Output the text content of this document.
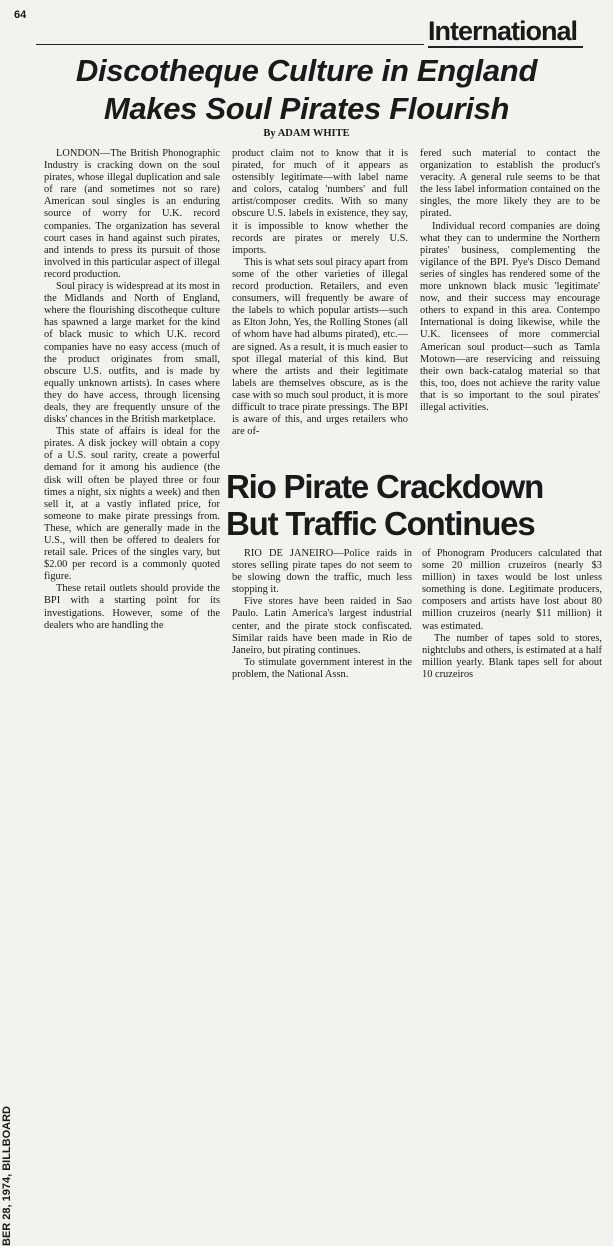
64
International
Discotheque Culture in England
Makes Soul Pirates Flourish
By ADAM WHITE

LONDON—The British Phonographic Industry is cracking down on the soul pirates, whose illegal duplication and sale of rare (and sometimes not so rare) American soul singles is an enduring source of worry for U.K. record companies. The organization has several court cases in hand against such pirates, and intends to press its pursuit of those involved in this particular aspect of illegal record production.

Soul piracy is widespread at its most in the Midlands and North of England, where the flourishing discotheque culture has spawned a large market for the kind of black music to which U.K. record companies have no easy access (much of the product originates from small, obscure U.S. outfits, and is made by equally unknown artists). In cases where they do have access, through licensing deals, they are frequently unsure of the disks' chances in the British marketplace.

This state of affairs is ideal for the pirates. A disk jockey will obtain a copy of a U.S. soul rarity, create a powerful demand for it among his audience (the disk will often be played three or four times a night, six nights a week) and then sell it, at a vastly inflated price, for someone to make pirate pressings from. These, which are generally made in the U.S., will then be offered to dealers for retail sale. Prices of the singles vary, but $2.00 per record is a commonly quoted figure.

These retail outlets should provide the BPI with a starting point for its investigations. However, some of the dealers who are handling the

product claim not to know that it is pirated, for much of it appears as ostensibly legitimate—with label name and colors, catalog 'numbers' and full artist/composer credits. With so many obscure U.S. labels in existence, they say, it is impossible to know whether the records are pirates or merely U.S. imports.

This is what sets soul piracy apart from some of the other varieties of illegal record production. Retailers, and even consumers, will frequently be aware of the labels to which popular artists—such as Elton John, Yes, the Rolling Stones (all of whom have had albums pirated), etc.—are signed. As a result, it is much easier to spot illegal material of this kind. But where the artists and their legitimate labels are themselves obscure, as is the case with so much soul product, it is more difficult to trace pirate pressings. The BPI is aware of this, and urges retailers who are of-

fered such material to contact the organization to establish the product's veracity. A general rule seems to be that the less label information contained on the singles, the more likely they are to be pirated.

Individual record companies are doing what they can to undermine the Northern pirates' business, complementing the vigilance of the BPI. Pye's Disco Demand series of singles has rendered some of the more unknown black music 'legitimate' now, and their success may encourage others to expand in this area. Contempo International is doing likewise, while the U.K. licensees of more commercial American soul product—such as Tamla Motown—are reservicing and reissuing their own back-catalog material so that this, too, does not achieve the rarity value that is so important to the soul pirates' illegal activities.

Rio Pirate Crackdown
But Traffic Continues

RIO DE JANEIRO—Police raids in stores selling pirate tapes do not seem to be slowing down the traffic, much less stopping it.

Five stores have been raided in Sao Paulo. Latin America's largest industrial center, and the pirate stock confiscated. Similar raids have been made in Rio de Janeiro, but pirating continues.

To stimulate government interest in the problem, the National Assn.

of Phonogram Producers calculated that some 20 million cruzeiros (nearly $3 million) in taxes would be lost unless something is done. Legitimate producers, composers and artists have lost about 80 million cruzeiros (nearly $11 million) it was estimated.

The number of tapes sold to stores, nightclubs and others, is estimated at a half million yearly. Blank tapes sell for about 10 cruzeiros

BER 28, 1974, BILLBOARD
